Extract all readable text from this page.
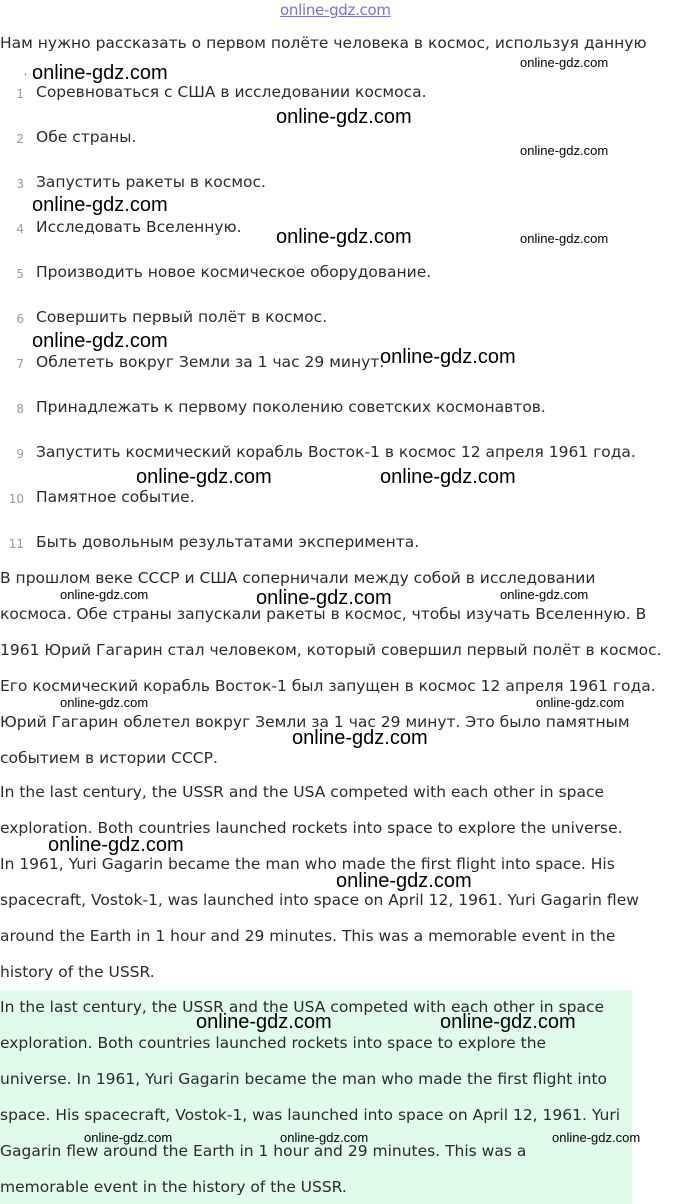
online-gdz.com
Нам нужно рассказать о первом полёте человека в космос, используя данную
·
1 Соревноваться с США в исследовании космоса.
2 Обе страны.
3 Запустить ракеты в космос.
4 Исследовать Вселенную.
5 Производить новое космическое оборудование.
6 Совершить первый полёт в космос.
7 Облететь вокруг Земли за 1 час 29 минут.
8 Принадлежать к первому поколению советских космонавтов.
9 Запустить космический корабль Восток-1 в космос 12 апреля 1961 года.
10 Памятное событие.
11 Быть довольным результатами эксперимента.
В прошлом веке СССР и США соперничали между собой в исследовании
космоса. Обе страны запускали ракеты в космос, чтобы изучать Вселенную. В
1961 Юрий Гагарин стал человеком, который совершил первый полёт в космос.
Его космический корабль Восток-1 был запущен в космос 12 апреля 1961 года.
Юрий Гагарин облетел вокруг Земли за 1 час 29 минут. Это было памятным
событием в истории СССР.
In the last century, the USSR and the USA competed with each other in space
exploration. Both countries launched rockets into space to explore the universe.
In 1961, Yuri Gagarin became the man who made the first flight into space. His
spacecraft, Vostok-1, was launched into space on April 12, 1961. Yuri Gagarin flew
around the Earth in 1 hour and 29 minutes. This was a memorable event in the
history of the USSR.
In the last century, the USSR and the USA competed with each other in space
exploration. Both countries launched rockets into space to explore the
universe. In 1961, Yuri Gagarin became the man who made the first flight into
space. His spacecraft, Vostok-1, was launched into space on April 12, 1961. Yuri
Gagarin flew around the Earth in 1 hour and 29 minutes. This was a
memorable event in the history of the USSR.
online-gdz.com	online-gdz.com
online-gdz.com
online-gdz.com
online-gdz.com
online-gdz.com	online-gdz.com
online-gdz.com
online-gdz.com
online-gdz.com	online-gdz.com
online-gdz.com	online-gdz.com	online-gdz.com
online-gdz.com	online-gdz.com
online-gdz.com
online-gdz.com
online-gdz.com
online-gdz.com	online-gdz.com
online-gdz.com	online-gdz.com	online-gdz.com
